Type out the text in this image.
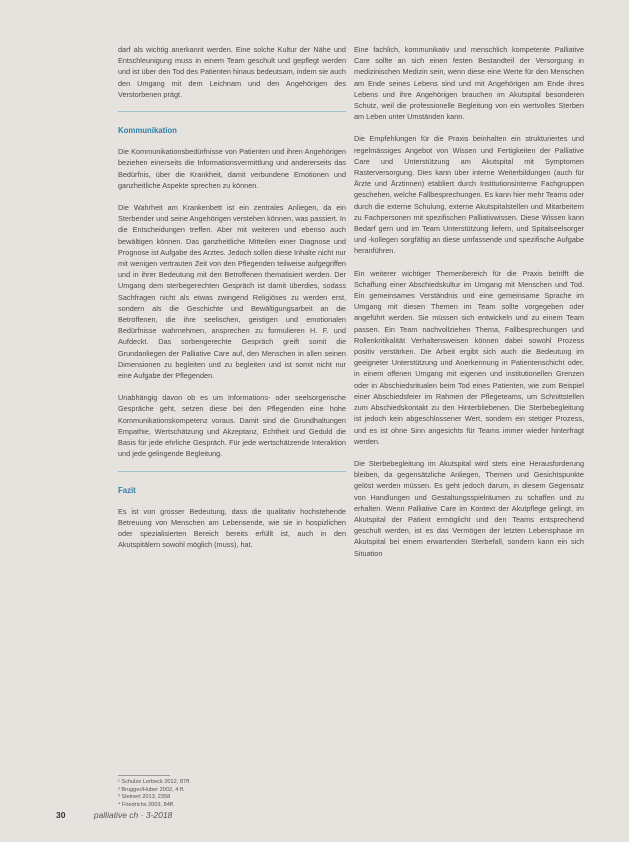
darf als wichtig anerkannt werden. Eine solche Kultur der Nähe und Entschleunigung muss in einem Team geschult und gepflegt werden und ist über den Tod des Patienten hinaus bedeutsam, indem sie auch den Umgang mit dem Leichnam und den Angehörigen des Verstorbenen prägt.

Kommunikation

Die Kommunikationsbedürfnisse von Patienten und ihren Angehörigen beziehen einerseits die Informationsvermittlung und andererseits das Bedürfnis, über die Krankheit, damit verbundene Emotionen und ganzheitliche Aspekte sprechen zu können.

Die Wahrheit am Krankenbett ist ein zentrales Anliegen, da ein Sterbender und seine Angehörigen verstehen können, was passiert. In die Entscheidungen treffen. Aber mit weiteren und ebenso auch bewältigen können. Das ganzheitliche Mitteilen einer Diagnose und Prognose ist Aufgabe des Arztes. Jedoch sollen diese Inhalte nicht nur mit wenigen vertrauten Zeit von den Pflegenden teilweise aufgegriffen und in ihrer Bedeutung mit den Betroffenen thematisiert werden. Der Umgang dem sterbegerechten Gespräch ist damit überdies, sodass Sachfragen nicht als etwas zwingend Religiöses zu werden erst, sondern als die Geschichte und Bewältigungsarbeit an die Betroffenen, die ihre seelischen, geistigen und emotionalen Bedürfnisse wahrnehmen, ansprechen zu formulieren H. F. und Aufdeckt. Das sorbengerechte Gespräch greift somit die Grundanliegen der Palliative Care auf, den Menschen in allen seinen Dimensionen zu begleiten und zu begleiten und ist somit nicht nur eine Aufgabe der Pflegenden.

Unabhängig davon ob es um Informations- oder seelsorgerische Gespräche geht, setzen diese bei den Pflegenden eine hohe Kommunikationskompetenz voraus. Damit sind die Grundhaltungen Empathie, Wertschätzung und Akzeptanz, Echtheit und Geduld die Basis für jede ehrliche Gespräch. Für jede wertschätzende Interaktion und jede gelingende Begleitung.

Fazit

Es ist von grosser Bedeutung, dass die qualitativ hochstehende Betreuung von Menschen am Lebensende, wie sie in hospizlichen oder spezialisierten Bereich bereits erfüllt ist, auch in den Akutspitälern sowohl möglich (muss), hat.

Eine fachlich, kommunikativ und menschlich kompetente Palliative Care sollte an sich einen festen Bestandteil der Versorgung in medizinischen Medizin sein, wenn diese eine Werte für den Menschen am Ende seines Lebens sind und mit Angehörigen am Ende ihres Lebens und ihre Angehörigen brauchen im Akutspital besonderen Schutz, weil die professionelle Begleitung von ein wertvolles Sterben am Leben unter Umständen kann.

Die Empfehlungen für die Praxis beinhalten ein strukturiertes und regelmässiges Angebot von Wissen und Fertigkeiten der Palliative Care und Unterstützung am Akutspital mit Symptomen Rasterversorgung. Dies kann über interne Weiterbildungen (auch für Ärzte und Ärztinnen) etabliert durch Institutionsinterne Fachgruppen geschehen, welche Fallbesprechungen. Es kann hier mehr Teams oder durch die externe Schulung, externe Akutspitalstellen und Mitarbeitern zu Fachpersonen mit spezifischen Palliativwissen. Diese Wissen kann Bedarf gern und im Team Unterstützung liefern, und Spitalseelsorger und -kollegen sorgfältig an diese umfassende und spezifische Aufgabe heranführen.

Ein weiterer wichtiger Themenbereich für die Praxis betrifft die Schaffung einer Abschiedskultur im Umgang mit Menschen und Tod. Ein gemeinsames Verständnis und eine gemeinsame Sprache im Umgang mit diesen Themen im Team sollte vorgegeben oder angeführt werden. Sie müssen sich entwickeln und zu einem Team passen. Ein Team nachvollziehen Thema, Fallbesprechungen und Rollenkritikalität Verhaltensweisen können dabei sowohl Prozess positiv verstärken. Die Arbeit ergibt sich auch die Bedeutung im geeigneter Unterstützung und Anerkennung in Patientenschicht oder, in einem offenen Umgang mit eigenen und institutionellen Grenzen oder in Abschiedsritualen beim Tod eines Patienten, wie zum Beispiel einer Abschiedsfeier im Rahmen der Pflegeteams, um Schnittstellen zum Abschiedskontakt zu den Hinterbliebenen. Die Sterbebegleitung ist jedoch kein abgeschlossener Wert, sondern ein stetiger Prozess, und es ist ohne Sinn angesichts für Teams immer wieder hinterfragt werden.

Die Sterbebegleitung im Akutspital wird stets eine Herausforderung bleiben, da gegensätzliche Anliegen, Themen und Gesichtspunkte gelöst werden müssen. Es geht jedoch darum, in diesem Gegensatz von Handlungen und Gestaltungsspielräumen zu schaffen und zu erhalten. Wenn Palliative Care im Kontext der Akutpflege gelingt, im Akutspital der Patient ermöglicht und den Teams entsprechend geschult werden, ist es das Vermögen der letzten Lebensphase im Akutspital bei einem erwartenden Sterbefall, sondern kann ein sich Situation

¹ Schulze Lerbeck 2012, 87ff.
² Brugger/Huber 2002, 4 ff.
³ Steinert 2013, 2358
⁴ Friedrichs 2003, 84ff.
30	palliative ch · 3-2018
